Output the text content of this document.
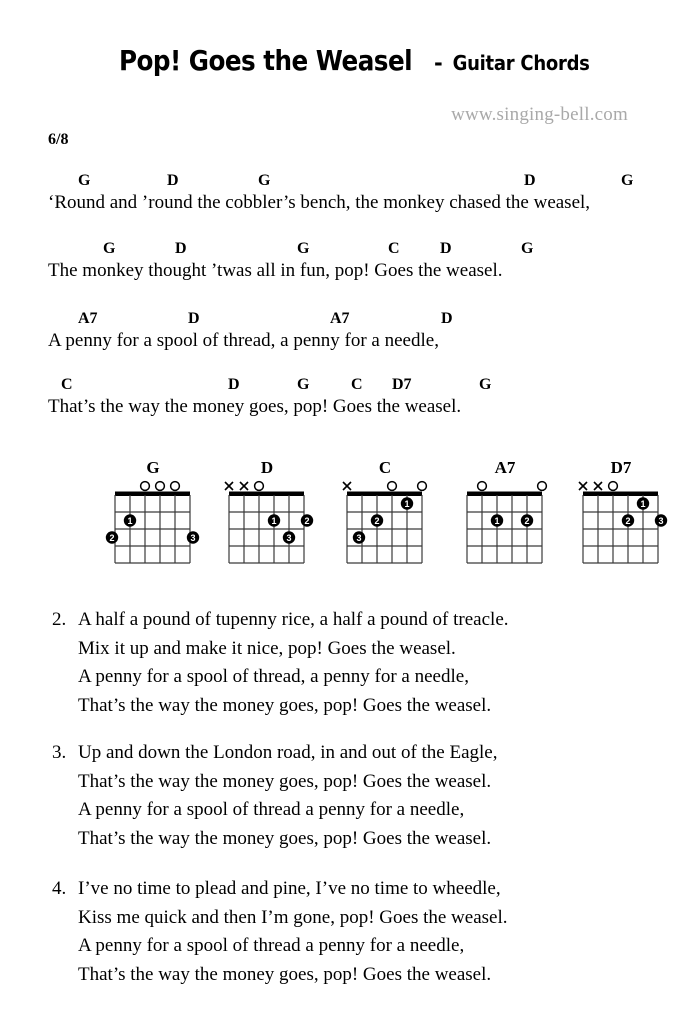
Pop! Goes the Weasel - Guitar Chords
www.singing-bell.com
6/8
G	D	G	D	G
‘Round and ’round the cobbler’s bench, the monkey chased the weasel,
G	D	G	C	D	G
The monkey thought ’twas all in fun, pop! Goes the weasel.
A7	D	A7	D
A penny for a spool of thread, a penny for a needle,
C	D	G	C D7	G
That’s the way the money goes, pop! Goes the weasel.
G
1
2	3
D
1	2
3
C
1
2
3
A7
1	2
D7
1
2	3
2. A half a pound of tupenny rice, a half a pound of treacle.
Mix it up and make it nice, pop! Goes the weasel.
A penny for a spool of thread, a penny for a needle,
That’s the way the money goes, pop! Goes the weasel.
3. Up and down the London road, in and out of the Eagle,
That’s the way the money goes, pop! Goes the weasel.
A penny for a spool of thread a penny for a needle,
That’s the way the money goes, pop! Goes the weasel.
4. I’ve no time to plead and pine, I’ve no time to wheedle,
Kiss me quick and then I’m gone, pop! Goes the weasel.
A penny for a spool of thread a penny for a needle,
That’s the way the money goes, pop! Goes the weasel.
